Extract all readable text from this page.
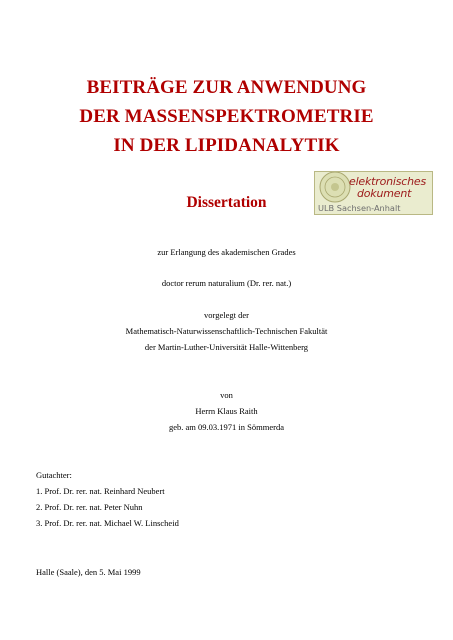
BEITRÄGE ZUR ANWENDUNG
DER MASSENSPEKTROMETRIE
IN DER LIPIDANALYTIK
Dissertation
elektronisches
dokument
ULB Sachsen-Anhalt
zur Erlangung des akademischen Grades
doctor rerum naturalium (Dr. rer. nat.)
vorgelegt der
Mathematisch-Naturwissenschaftlich-Technischen Fakultät
der Martin-Luther-Universität Halle-Wittenberg
von
Herrn Klaus Raith
geb. am 09.03.1971 in Sömmerda
Gutachter:
1. Prof. Dr. rer. nat. Reinhard Neubert
2. Prof. Dr. rer. nat. Peter Nuhn
3. Prof. Dr. rer. nat. Michael W. Linscheid
Halle (Saale), den 5. Mai 1999
